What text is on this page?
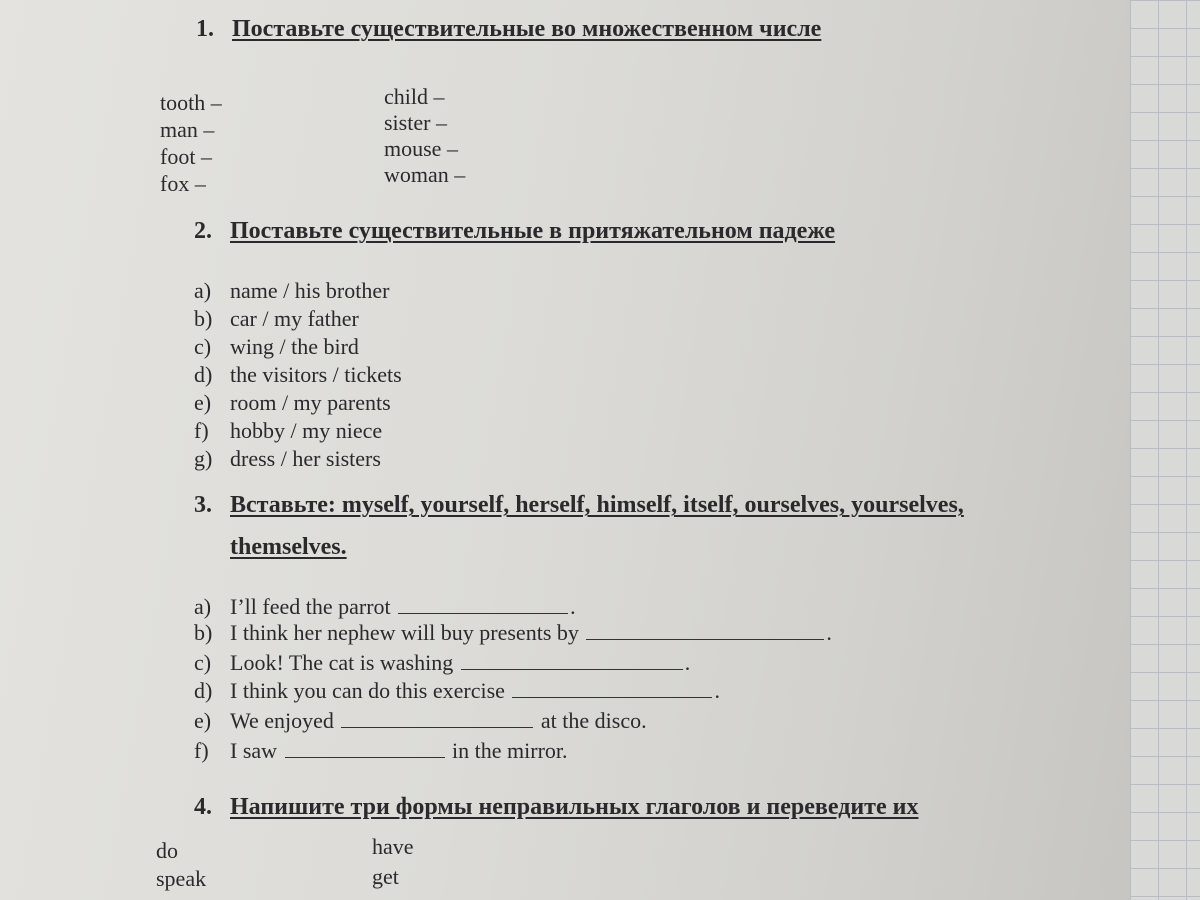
1. Поставьте существительные во множественном числе
tooth –
man –
foot –
fox –
child –
sister –
mouse –
woman –
2. Поставьте существительные в притяжательном падеже
a) name / his brother
b) car / my father
c) wing / the bird
d) the visitors / tickets
e) room / my parents
f) hobby / my niece
g) dress / her sisters
3. Вставьте: myself, yourself, herself, himself, itself, ourselves, yourselves,
themselves.
a) I’ll feed the parrot	.
b) I think her nephew will buy presents by	.
c) Look! The cat is washing	.
d) I think you can do this exercise	.
e) We enjoyed	at the disco.
f) I saw	in the mirror.
4. Напишите три формы неправильных глаголов и переведите их
do
speak
have
get
